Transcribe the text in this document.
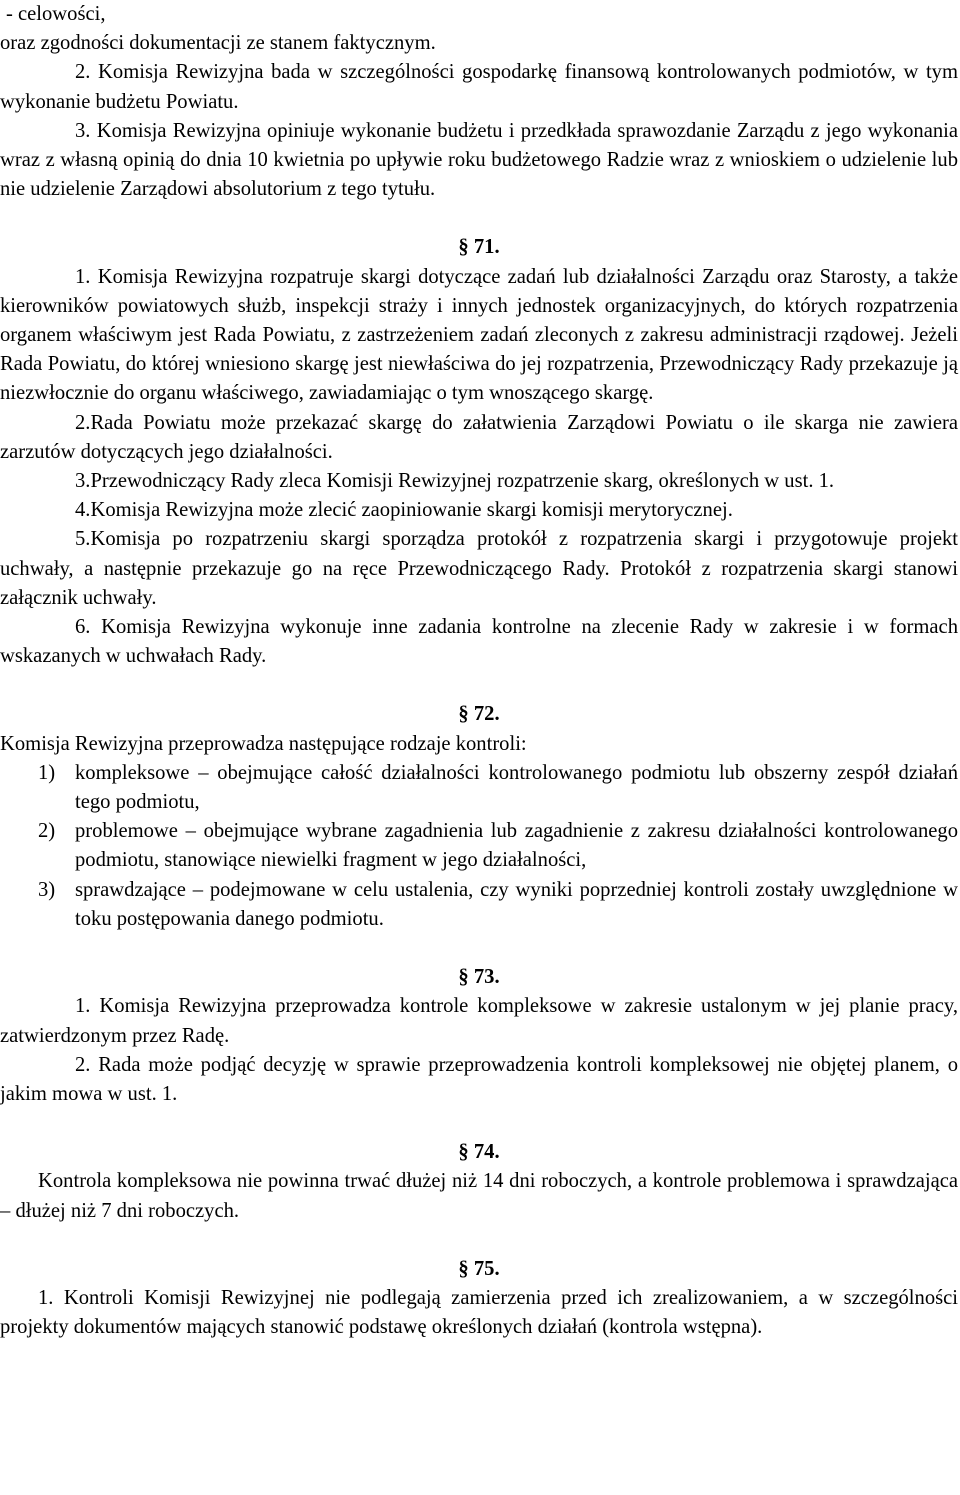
- celowości,

oraz zgodności dokumentacji ze stanem faktycznym.

2. Komisja Rewizyjna bada w szczególności gospodarkę finansową kontrolowanych podmiotów, w tym wykonanie budżetu Powiatu.

3. Komisja Rewizyjna opiniuje wykonanie budżetu i przedkłada sprawozdanie Zarządu z jego wykonania wraz z własną opinią do dnia 10 kwietnia po upływie roku budżetowego Radzie wraz z wnioskiem o udzielenie lub nie udzielenie Zarządowi absolutorium z tego tytułu.

§ 71.

1. Komisja Rewizyjna rozpatruje skargi dotyczące zadań lub działalności Zarządu oraz Starosty, a także kierowników powiatowych służb, inspekcji straży i innych jednostek organizacyjnych, do których rozpatrzenia organem właściwym jest Rada Powiatu, z zastrzeżeniem zadań zleconych z zakresu administracji rządowej. Jeżeli Rada Powiatu, do której wniesiono skargę jest niewłaściwa do jej rozpatrzenia, Przewodniczący Rady przekazuje ją niezwłocznie do organu właściwego, zawiadamiając o tym wnoszącego skargę.

2.Rada Powiatu może przekazać skargę do załatwienia Zarządowi Powiatu o ile skarga nie zawiera zarzutów dotyczących jego działalności.

3.Przewodniczący Rady zleca Komisji Rewizyjnej rozpatrzenie skarg, określonych w ust. 1.

4.Komisja Rewizyjna może zlecić zaopiniowanie skargi komisji merytorycznej.

5.Komisja po rozpatrzeniu skargi sporządza protokół z rozpatrzenia skargi i przygotowuje projekt uchwały, a następnie przekazuje go na ręce Przewodniczącego Rady. Protokół z rozpatrzenia skargi stanowi załącznik uchwały.

6. Komisja Rewizyjna wykonuje inne zadania kontrolne na zlecenie Rady w zakresie i w formach wskazanych w uchwałach Rady.

§ 72.

Komisja Rewizyjna przeprowadza następujące rodzaje kontroli:

1) kompleksowe – obejmujące całość działalności kontrolowanego podmiotu lub obszerny zespół działań tego podmiotu,
2) problemowe – obejmujące wybrane zagadnienia lub zagadnienie z zakresu działalności kontrolowanego podmiotu, stanowiące niewielki fragment w jego działalności,
3) sprawdzające – podejmowane w celu ustalenia, czy wyniki poprzedniej kontroli zostały uwzględnione w toku postępowania danego podmiotu.

§ 73.

1. Komisja Rewizyjna przeprowadza kontrole kompleksowe w zakresie ustalonym w jej planie pracy, zatwierdzonym przez Radę.

2. Rada może podjąć decyzję w sprawie przeprowadzenia kontroli kompleksowej nie objętej planem, o jakim mowa w ust. 1.

§ 74.

Kontrola kompleksowa nie powinna trwać dłużej niż 14 dni roboczych, a kontrole problemowa i sprawdzająca – dłużej niż 7 dni roboczych.

§ 75.

1. Kontroli Komisji Rewizyjnej nie podlegają zamierzenia przed ich zrealizowaniem, a w szczególności projekty dokumentów mających stanowić podstawę określonych działań (kontrola wstępna).
